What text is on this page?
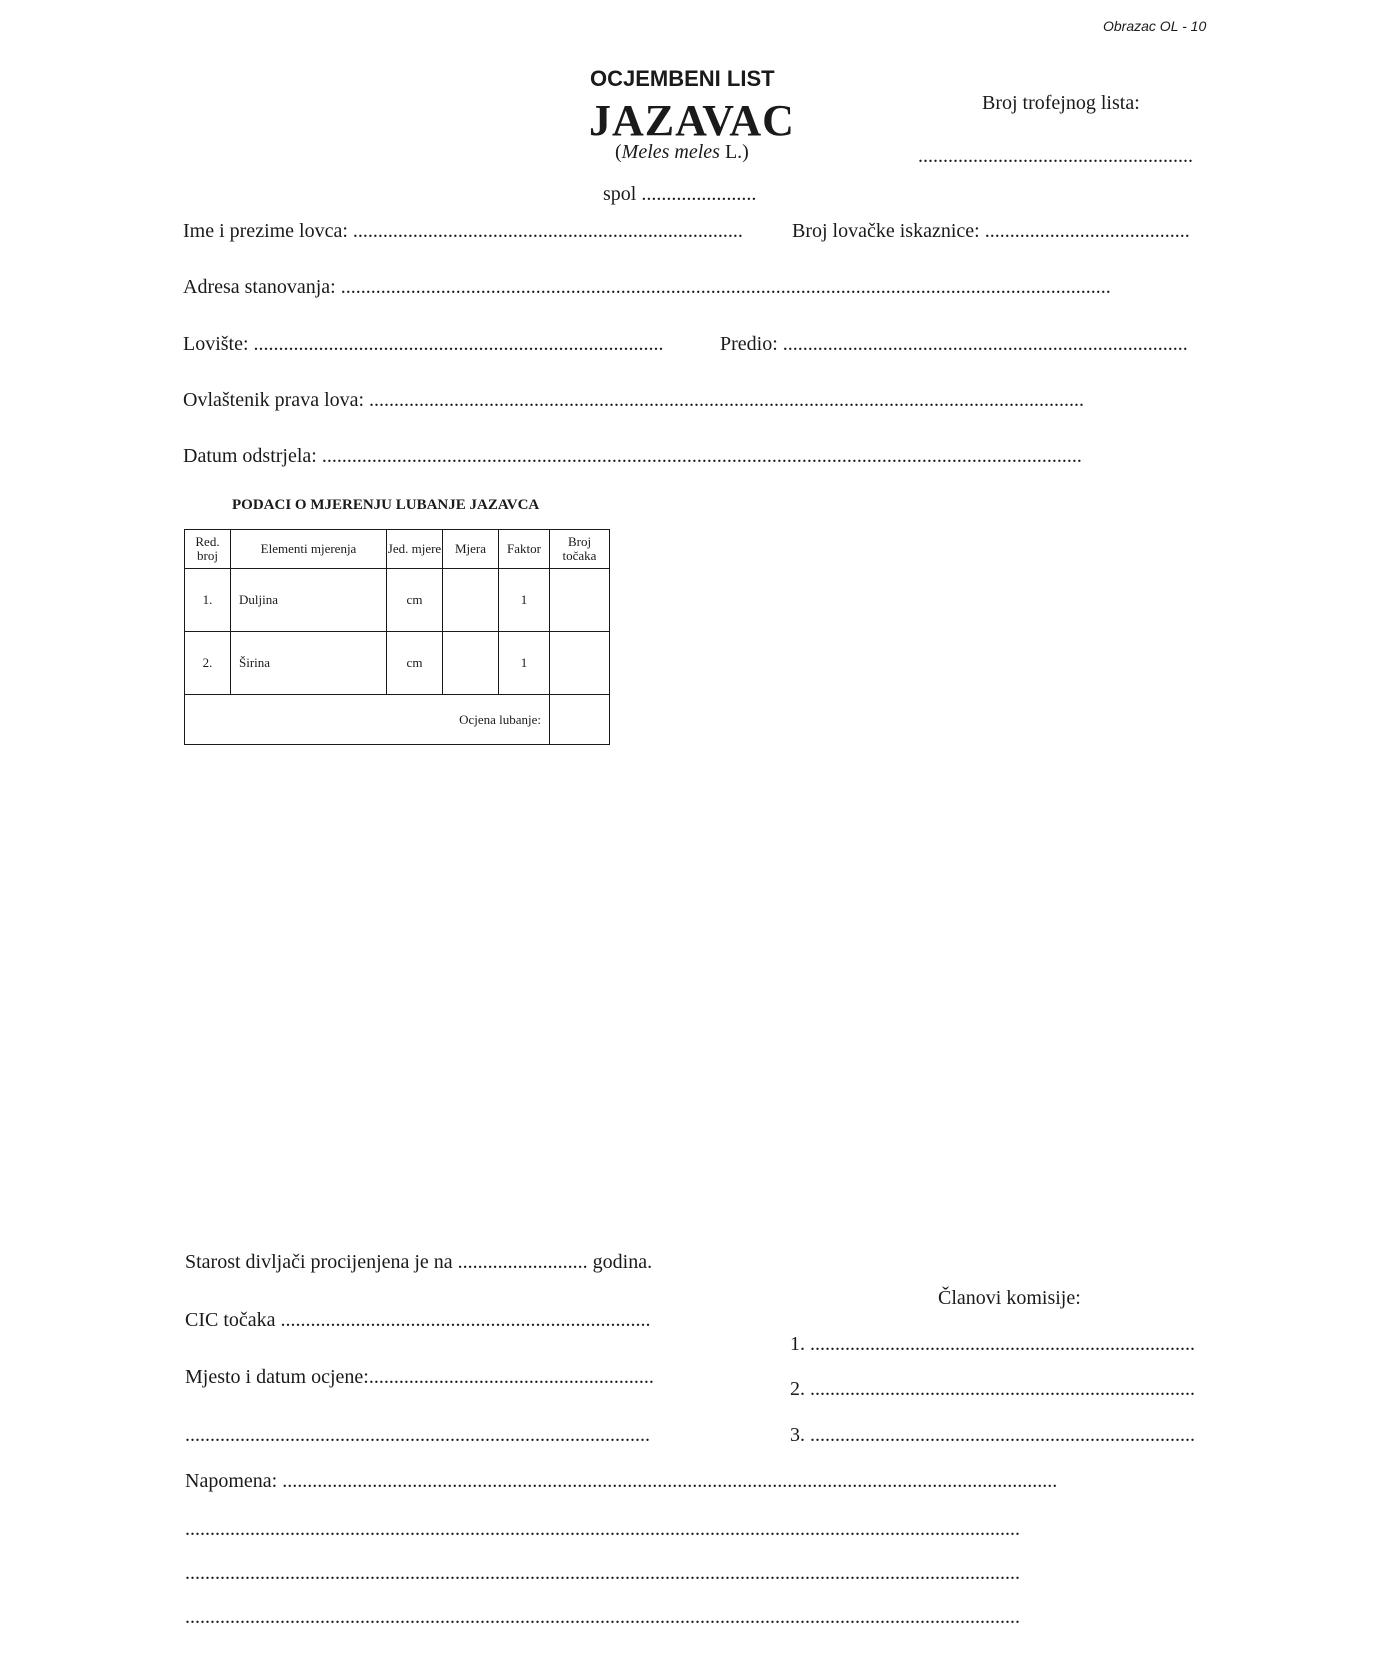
Obrazac OL - 10
OCJEMBENI LIST
JAZAVAC
(Meles meles L.)
spol .......................
Broj trofejnog lista:
.......................................................
Ime i prezime lovca: .............................................................................. Broj lovačke iskaznice: .........................................
Adresa stanovanja: ..........................................................................................................................................................
Lovište: ..................................................................................	Predio: .................................................................................
Ovlaštenik prava lova: ...............................................................................................................................................
Datum odstrjela: ........................................................................................................................................................
PODACI O MJERENJU LUBANJE JAZAVCA
Red. broj	Elementi mjerenja	Jed. mjere	Mjera	Faktor	Broj točaka
1.	Duljina	cm		1	
2.	Širina	cm		1	
Ocjena lubanje:					
Starost divljači procijenjena je na .......................... godina.
CIC točaka ..........................................................................
Mjesto i datum ocjene:.........................................................
.............................................................................................
Članovi komisije:
1. .............................................................................
2. .............................................................................
3. .............................................................................
Napomena: ...........................................................................................................................................................
.......................................................................................................................................................................
.......................................................................................................................................................................
.......................................................................................................................................................................
